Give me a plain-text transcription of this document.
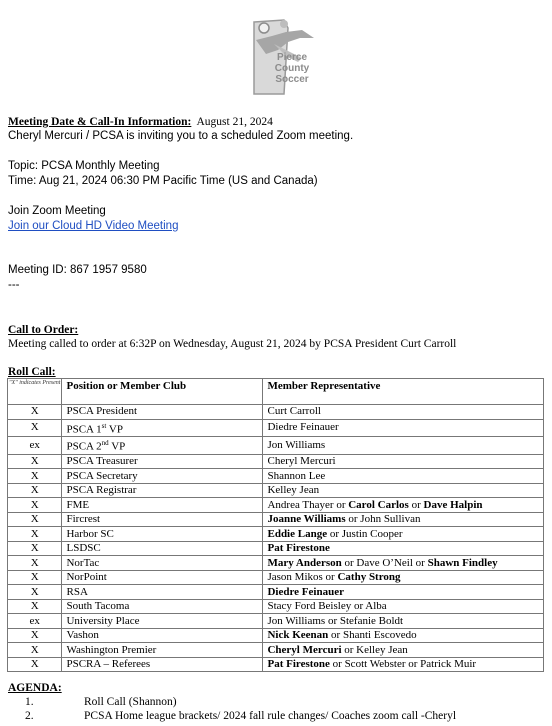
Pierce
County
Soccer
Meeting Date & Call-In Information: August 21, 2024
Cheryl Mercuri / PCSA is inviting you to a scheduled Zoom meeting.
Topic: PCSA Monthly Meeting
Time: Aug 21, 2024 06:30 PM Pacific Time (US and Canada)
Join Zoom Meeting
Join our Cloud HD Video Meeting
Meeting ID: 867 1957 9580
---
Call to Order:
Meeting called to order at 6:32P on Wednesday, August 21, 2024 by PCSA President Curt Carroll
Roll Call:
"X" indicates Present	Position or Member Club	Member Representative
X	PSCA President	Curt Carroll
X	PSCA 1st VP	Diedre Feinauer
ex	PSCA 2nd VP	Jon Williams
X	PSCA Treasurer	Cheryl Mercuri
X	PSCA Secretary	Shannon Lee
X	PSCA Registrar	Kelley Jean
X	FME	Andrea Thayer or Carol Carlos or Dave Halpin
X	Fircrest	Joanne Williams or John Sullivan
X	Harbor SC	Eddie Lange or Justin Cooper
X	LSDSC	Pat Firestone
X	NorTac	Mary Anderson or Dave O’Neil or Shawn Findley
X	NorPoint	Jason Mikos or Cathy Strong
X	RSA	Diedre Feinauer
X	South Tacoma	Stacy Ford Beisley or Alba
ex	University Place	Jon Williams or Stefanie Boldt
X	Vashon	Nick Keenan or Shanti Escovedo
X	Washington Premier	Cheryl Mercuri or Kelley Jean
X	PSCRA – Referees	Pat Firestone or Scott Webster or Patrick Muir
AGENDA:
1.	Roll Call (Shannon)
2.	PCSA Home league brackets/ 2024 fall rule changes/ Coaches zoom call -Cheryl
